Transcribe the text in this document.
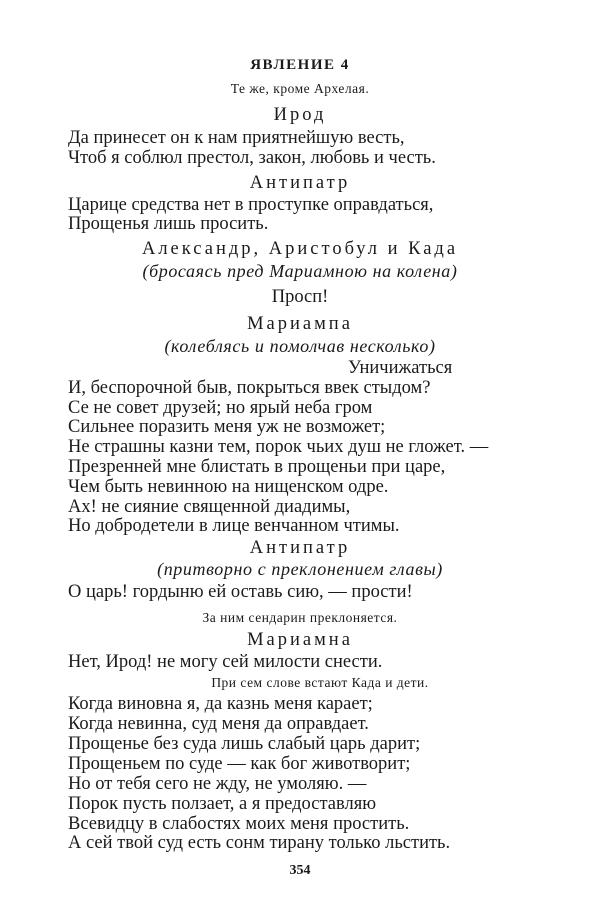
ЯВЛЕНИЕ 4
Те же, кроме Архелая.
Ирод
Да принесет он к нам приятнейшую весть,
Чтоб я соблюл престол, закон, любовь и честь.
Антипатр
Царице средства нет в проступке оправдаться,
Прощенья лишь просить.
Александр, Аристобул и Када
(бросаясь пред Мариамною на колена)
Просп!
Мариампа
(колеблясь и помолчав несколько)
Уничижаться
И, беспорочной быв, покрыться ввек стыдом?
Се не совет друзей; но ярый неба гром
Сильнее поразить меня уж не возможет;
Не страшны казни тем, порок чьих душ не гложет. —
Презренней мне блистать в прощеньи при царе,
Чем быть невинною на нищенском одре.
Ах! не сияние священной диадимы,
Но добродетели в лице венчанном чтимы.
Антипатр
(притворно с преклонением главы)
О царь! гордыню ей оставь сию, — прости!
За ним сендарин преклоняется.
Мариамна
Нет, Ирод! не могу сей милости снести.
При сем слове встают Када и дети.
Когда виновна я, да казнь меня карает;
Когда невинна, суд меня да оправдает.
Прощенье без суда лишь слабый царь дарит;
Прощеньем по суде — как бог животворит;
Но от тебя сего не жду, не умоляю. —
Порок пусть ползает, а я предоставляю
Всевидцу в слабостях моих меня простить.
А сей твой суд есть сонм тирану только льстить.
354
